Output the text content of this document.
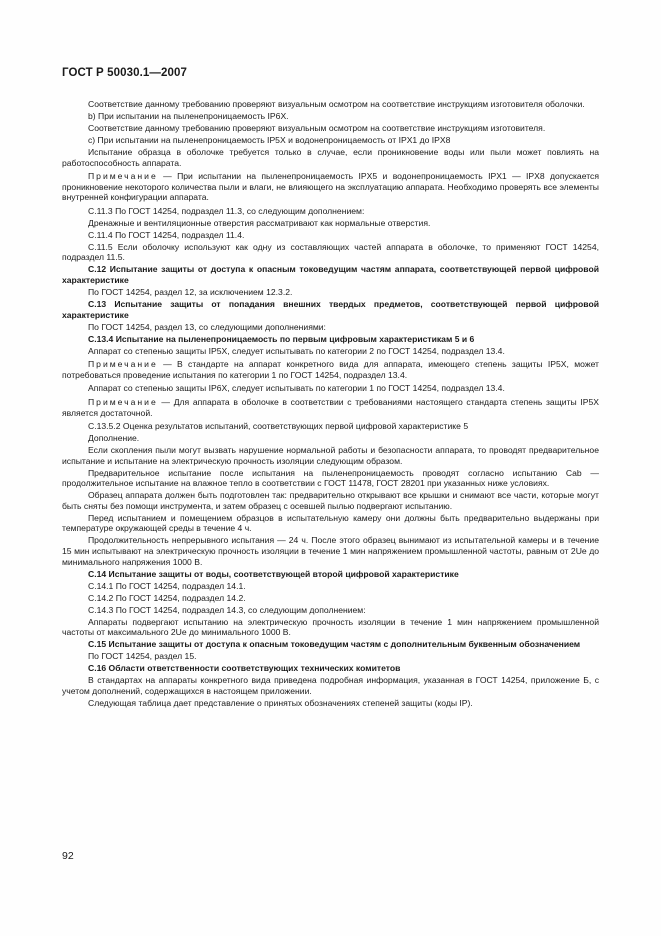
ГОСТ Р 50030.1—2007

Соответствие данному требованию проверяют визуальным осмотром на соответствие инструкциям изготовителя оболочки.

b) При испытании на пыленепроницаемость IP6X.

Соответствие данному требованию проверяют визуальным осмотром на соответствие инструкциям изготовителя.

c) При испытании на пыленепроницаемость IP5X и водонепроницаемость от IPX1 до IPX8

Испытание образца в оболочке требуется только в случае, если проникновение воды или пыли может повлиять на работоспособность аппарата.

Примечание — При испытании на пыленепроницаемость IPX5 и водонепроницаемость IPX1 — IPX8 допускается проникновение некоторого количества пыли и влаги, не влияющего на эксплуатацию аппарата. Необходимо проверять все элементы внутренней конфигурации аппарата.

С.11.3 По ГОСТ 14254, подраздел 11.3, со следующим дополнением:

Дренажные и вентиляционные отверстия рассматривают как нормальные отверстия.

С.11.4 По ГОСТ 14254, подраздел 11.4.

С.11.5 Если оболочку используют как одну из составляющих частей аппарата в оболочке, то применяют ГОСТ 14254, подраздел 11.5.

С.12 Испытание защиты от доступа к опасным токоведущим частям аппарата, соответствующей первой цифровой характеристике

По ГОСТ 14254, раздел 12, за исключением 12.3.2.

С.13 Испытание защиты от попадания внешних твердых предметов, соответствующей первой цифровой характеристике

По ГОСТ 14254, раздел 13, со следующими дополнениями:

С.13.4 Испытание на пыленепроницаемость по первым цифровым характеристикам 5 и 6

Аппарат со степенью защиты IP5X, следует испытывать по категории 2 по ГОСТ 14254, подраздел 13.4.

Примечание — В стандарте на аппарат конкретного вида для аппарата, имеющего степень защиты IP5X, может потребоваться проведение испытания по категории 1 по ГОСТ 14254, подраздел 13.4.

Аппарат со степенью защиты IP6X, следует испытывать по категории 1 по ГОСТ 14254, подраздел 13.4.

Примечание — Для аппарата в оболочке в соответствии с требованиями настоящего стандарта степень защиты IP5X является достаточной.

С.13.5.2 Оценка результатов испытаний, соответствующих первой цифровой характеристике 5

Дополнение.

Если скопления пыли могут вызвать нарушение нормальной работы и безопасности аппарата, то проводят предварительное испытание и испытание на электрическую прочность изоляции следующим образом.

Предварительное испытание после испытания на пыленепроницаемость проводят согласно испытанию Cab — продолжительное испытание на влажное тепло в соответствии с ГОСТ 11478, ГОСТ 28201 при указанных ниже условиях.

Образец аппарата должен быть подготовлен так: предварительно открывают все крышки и снимают все части, которые могут быть сняты без помощи инструмента, и затем образец с осевшей пылью подвергают испытанию.

Перед испытанием и помещением образцов в испытательную камеру они должны быть предварительно выдержаны при температуре окружающей среды в течение 4 ч.

Продолжительность непрерывного испытания — 24 ч. После этого образец вынимают из испытательной камеры и в течение 15 мин испытывают на электрическую прочность изоляции в течение 1 мин напряжением промышленной частоты, равным от 2Ue до минимального напряжения 1000 В.

С.14 Испытание защиты от воды, соответствующей второй цифровой характеристике

С.14.1 По ГОСТ 14254, подраздел 14.1.

С.14.2 По ГОСТ 14254, подраздел 14.2.

С.14.3 По ГОСТ 14254, подраздел 14.3, со следующим дополнением:

Аппараты подвергают испытанию на электрическую прочность изоляции в течение 1 мин напряжением промышленной частоты от максимального 2Ue до минимального 1000 В.

С.15 Испытание защиты от доступа к опасным токоведущим частям с дополнительным буквенным обозначением

По ГОСТ 14254, раздел 15.

С.16 Области ответственности соответствующих технических комитетов

В стандартах на аппараты конкретного вида приведена подробная информация, указанная в ГОСТ 14254, приложение Б, с учетом дополнений, содержащихся в настоящем приложении.

Следующая таблица дает представление о принятых обозначениях степеней защиты (коды IP).

92
